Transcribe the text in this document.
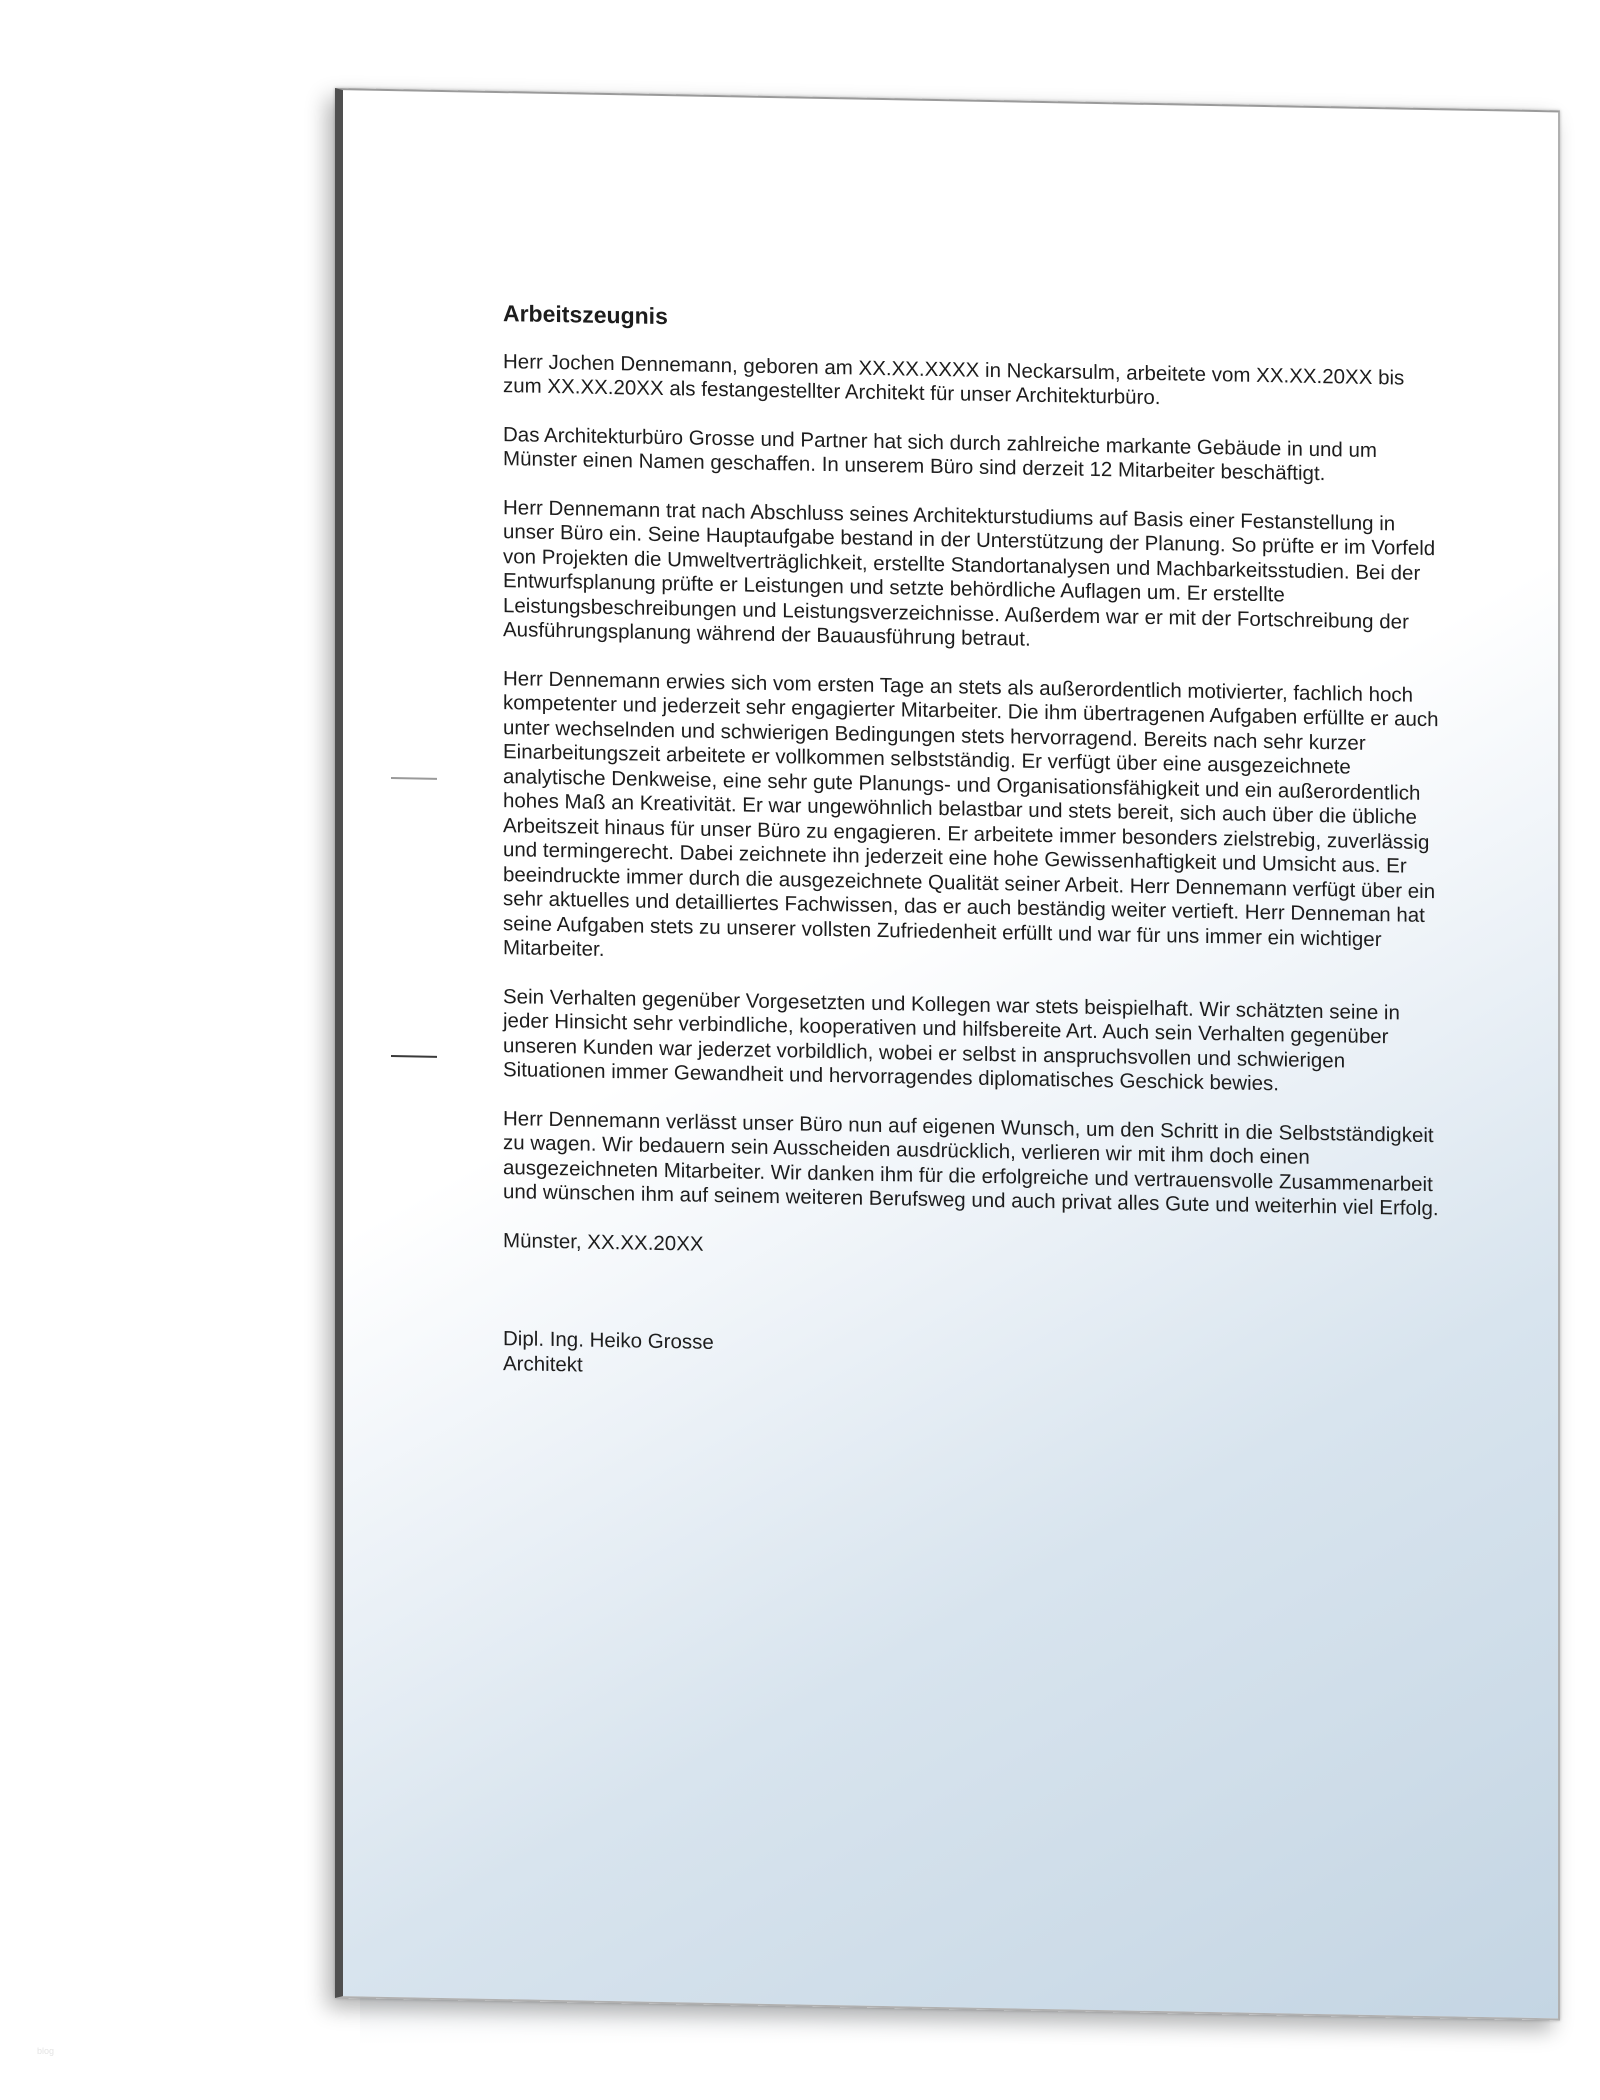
Arbeitszeugnis

Herr Jochen Dennemann, geboren am XX.XX.XXXX in Neckarsulm, arbeitete vom XX.XX.20XX bis zum XX.XX.20XX als festangestellter Architekt für unser Architekturbüro.

Das Architekturbüro Grosse und Partner hat sich durch zahlreiche markante Gebäude in und um Münster einen Namen geschaffen. In unserem Büro sind derzeit 12 Mitarbeiter beschäftigt.

Herr Dennemann trat nach Abschluss seines Architekturstudiums auf Basis einer Festanstellung in unser Büro ein. Seine Hauptaufgabe bestand in der Unterstützung der Planung. So prüfte er im Vorfeld von Projekten die Umweltverträglichkeit, erstellte Standortanalysen und Machbarkeitsstudien. Bei der Entwurfsplanung prüfte er Leistungen und setzte behördliche Auflagen um. Er erstellte Leistungsbeschreibungen und Leistungsverzeichnisse. Außerdem war er mit der Fortschreibung der Ausführungsplanung während der Bauausführung betraut.

Herr Dennemann erwies sich vom ersten Tage an stets als außerordentlich motivierter, fachlich hoch kompetenter und jederzeit sehr engagierter Mitarbeiter. Die ihm übertragenen Aufgaben erfüllte er auch unter wechselnden und schwierigen Bedingungen stets hervorragend. Bereits nach sehr kurzer Einarbeitungszeit arbeitete er vollkommen selbstständig. Er verfügt über eine ausgezeichnete analytische Denkweise, eine sehr gute Planungs- und Organisationsfähigkeit und ein außerordentlich hohes Maß an Kreativität. Er war ungewöhnlich belastbar und stets bereit, sich auch über die übliche Arbeitszeit hinaus für unser Büro zu engagieren. Er arbeitete immer besonders zielstrebig, zuverlässig und termingerecht. Dabei zeichnete ihn jederzeit eine hohe Gewissenhaftigkeit und Umsicht aus. Er beeindruckte immer durch die ausgezeichnete Qualität seiner Arbeit. Herr Dennemann verfügt über ein sehr aktuelles und detailliertes Fachwissen, das er auch beständig weiter vertieft. Herr Denneman hat seine Aufgaben stets zu unserer vollsten Zufriedenheit erfüllt und war für uns immer ein wichtiger Mitarbeiter.

Sein Verhalten gegenüber Vorgesetzten und Kollegen war stets beispielhaft. Wir schätzten seine in jeder Hinsicht sehr verbindliche, kooperativen und hilfsbereite Art. Auch sein Verhalten gegenüber unseren Kunden war jederzet vorbildlich, wobei er selbst in anspruchsvollen und schwierigen Situationen immer Gewandheit und hervorragendes diplomatisches Geschick bewies.

Herr Dennemann verlässt unser Büro nun auf eigenen Wunsch, um den Schritt in die Selbstständigkeit zu wagen. Wir bedauern sein Ausscheiden ausdrücklich, verlieren wir mit ihm doch einen ausgezeichneten Mitarbeiter. Wir danken ihm für die erfolgreiche und vertrauensvolle Zusammenarbeit und wünschen ihm auf seinem weiteren Berufsweg und auch privat alles Gute und weiterhin viel Erfolg.

Münster, XX.XX.20XX
Dipl. Ing. Heiko Grosse
Architekt
blog
